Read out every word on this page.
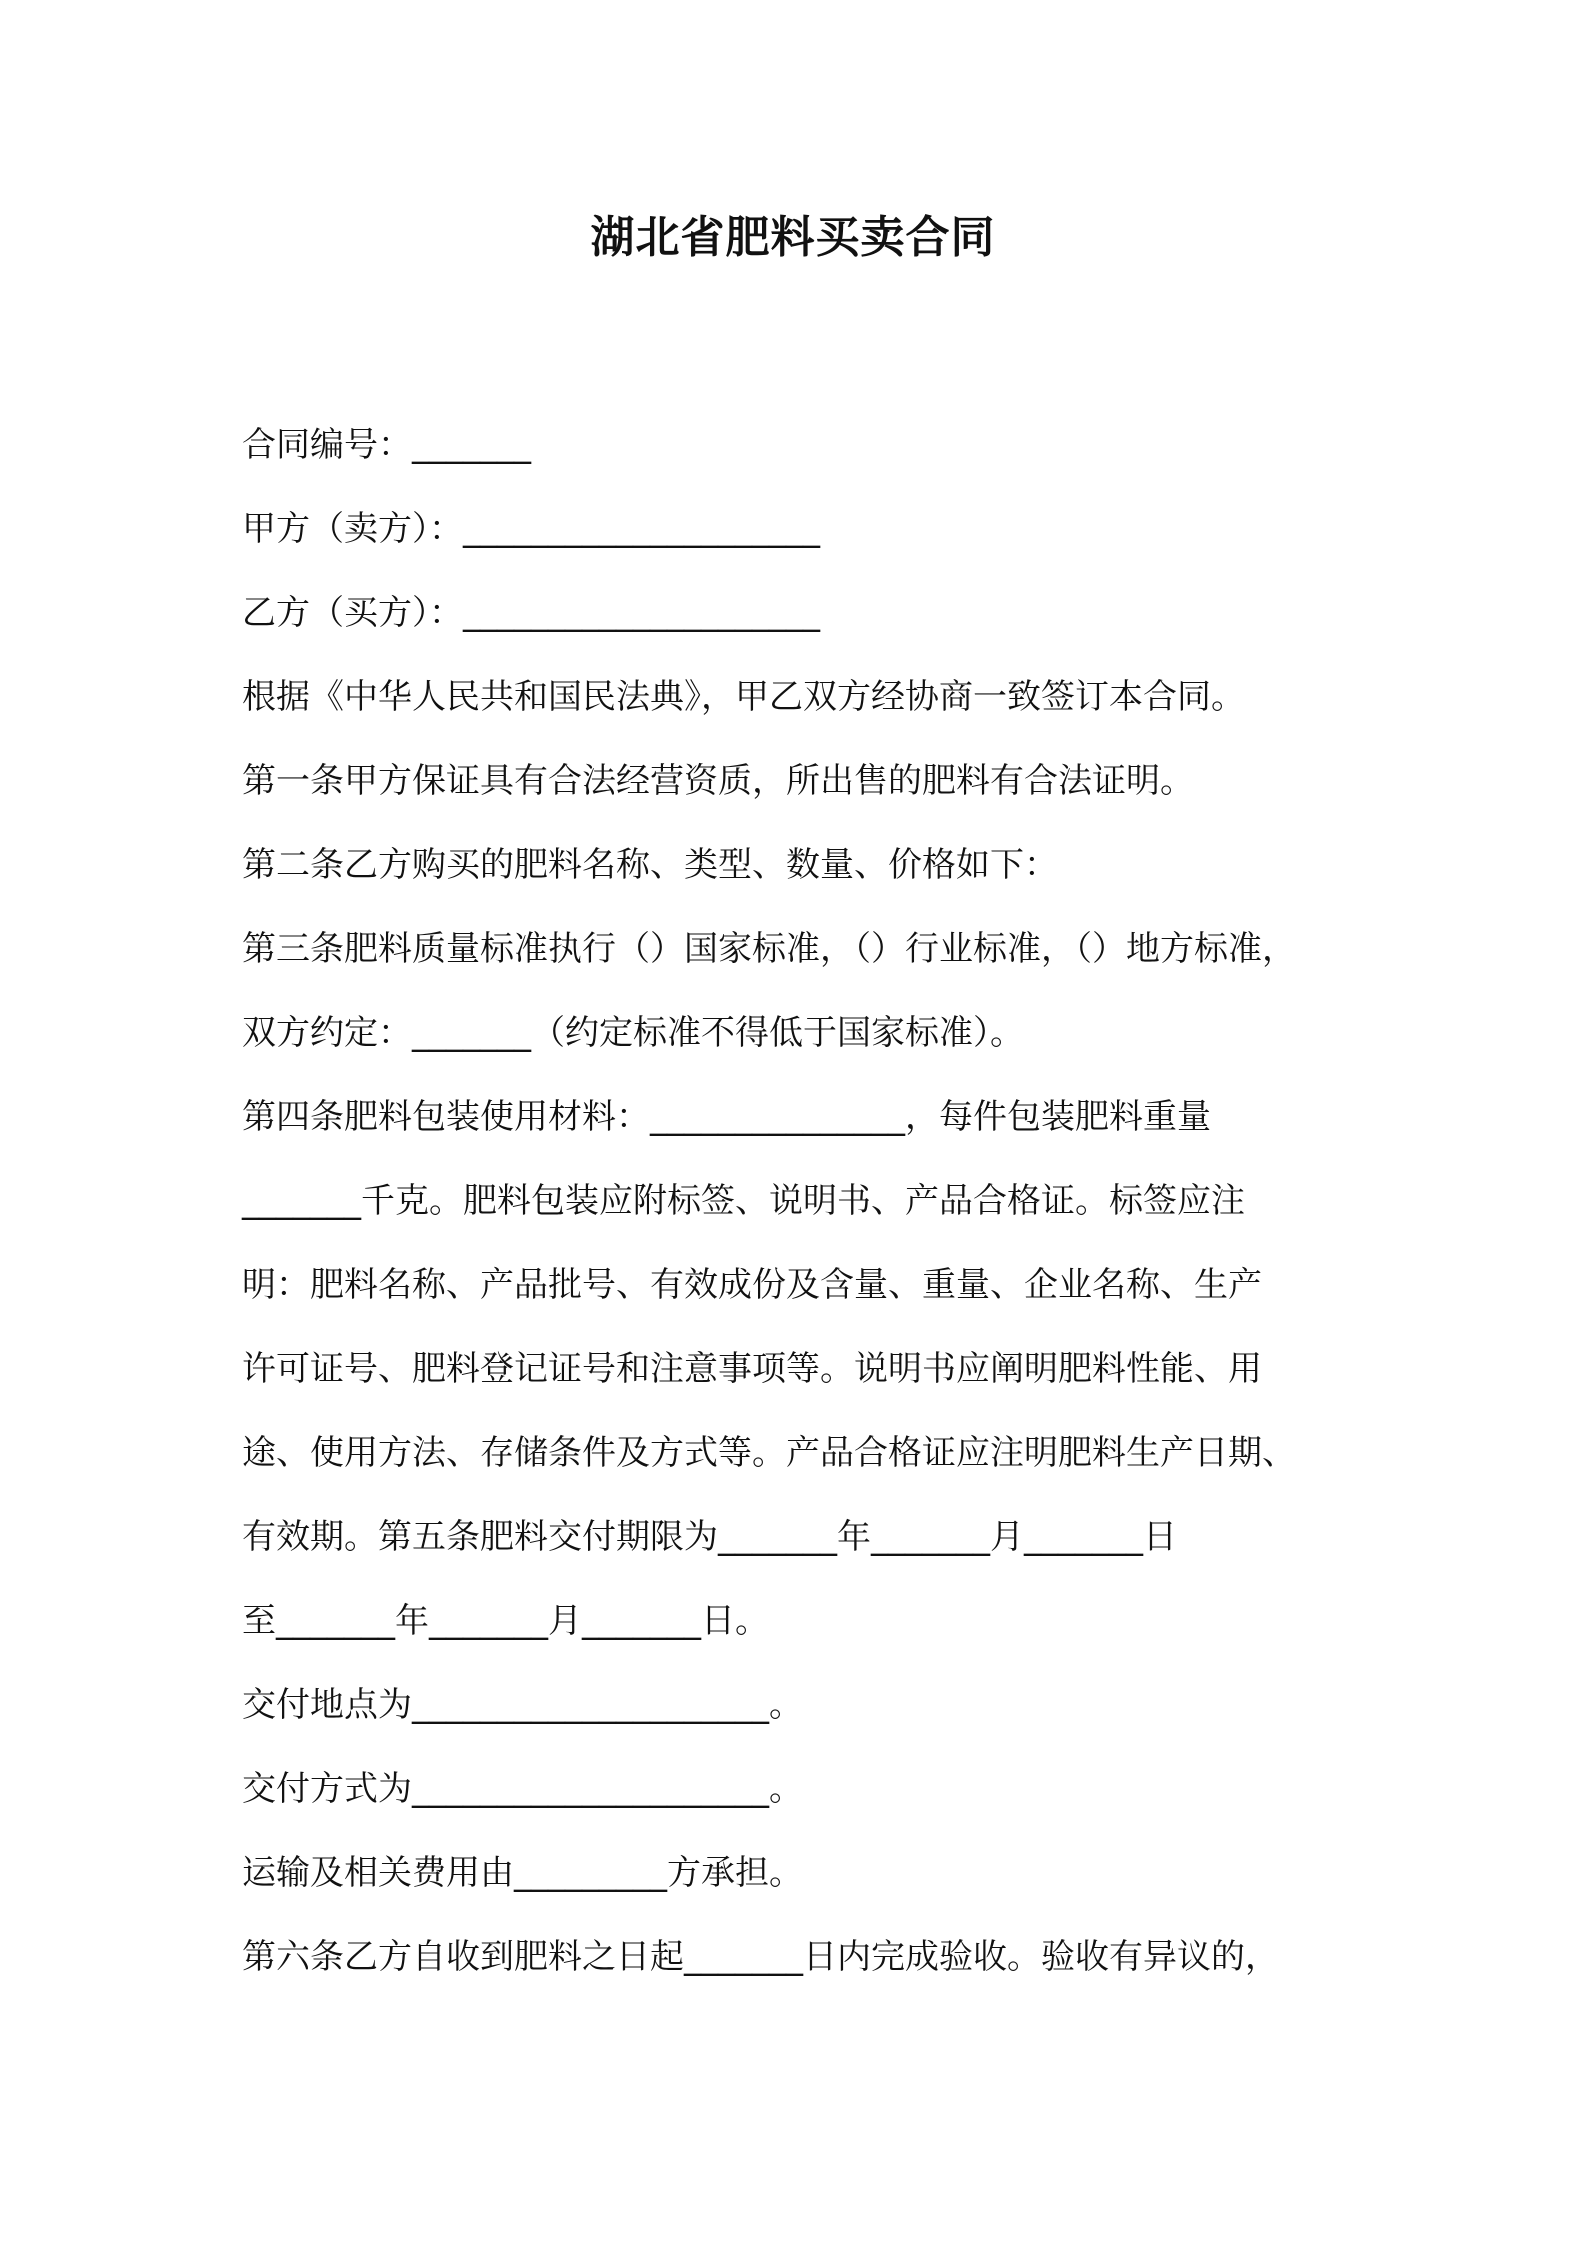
湖北省肥料买卖合同

合同编号：_______

甲方（卖方）：_____________________

乙方（买方）：_____________________

根据《中华人民共和国民法典》，甲乙双方经协商一致签订本合同。

第一条甲方保证具有合法经营资质，所出售的肥料有合法证明。

第二条乙方购买的肥料名称、类型、数量、价格如下：

第三条肥料质量标准执行（）国家标准，（）行业标准，（）地方标准，

双方约定：_______（约定标准不得低于国家标准）。

第四条肥料包装使用材料：_______________，每件包装肥料重量

_______千克。肥料包装应附标签、说明书、产品合格证。标签应注

明：肥料名称、产品批号、有效成份及含量、重量、企业名称、生产

许可证号、肥料登记证号和注意事项等。说明书应阐明肥料性能、用

途、使用方法、存储条件及方式等。产品合格证应注明肥料生产日期、

有效期。第五条肥料交付期限为_______年_______月_______日

至_______年_______月_______日。

交付地点为_____________________。

交付方式为_____________________。

运输及相关费用由_________方承担。

第六条乙方自收到肥料之日起_______日内完成验收。验收有异议的，
